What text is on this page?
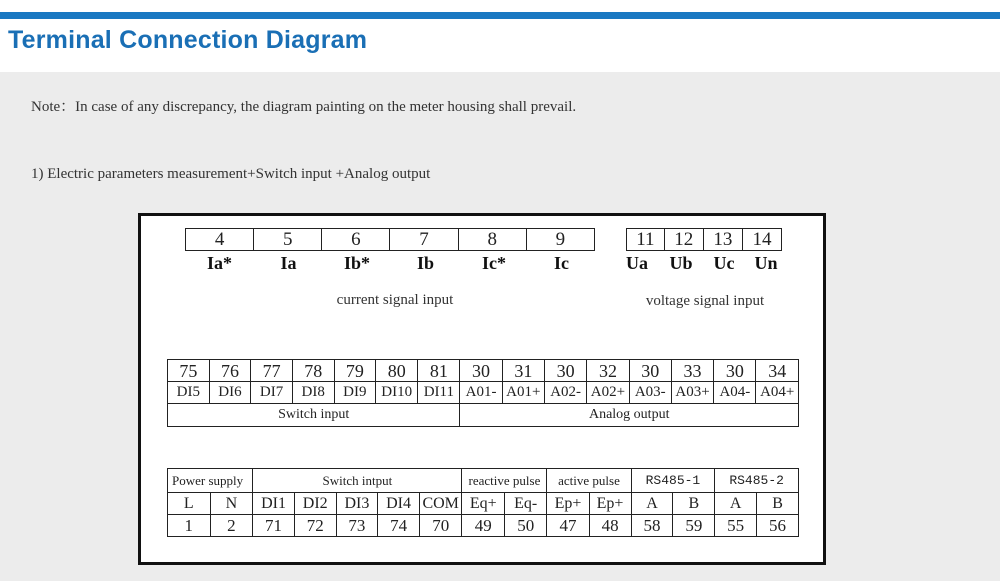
Terminal Connection Diagram
Note：In case of any discrepancy, the diagram painting on the meter housing shall prevail.
1) Electric parameters measurement+Switch input +Analog output
4	5	6	7	8	9
Ia*	Ia	Ib*	Ib	Ic*	Ic
current signal input
11	12	13	14
Ua Ub Uc Un
voltage signal input
75	76	77	78	79	80	81	30	31	30	32	30	33	30	34
DI5	DI6	DI7	DI8	DI9	DI10	DI11	A01-	A01+	A02-	A02+	A03-	A03+	A04-	A04+
Switch input							Analog output							
Power supply		Switch intput					reactive pulse		active pulse		RS485-1		RS485-2	
L	N	DI1	DI2	DI3	DI4	COM	Eq+	Eq-	Ep+	Ep+	A	B	A	B
1	2	71	72	73	74	70	49	50	47	48	58	59	55	56
